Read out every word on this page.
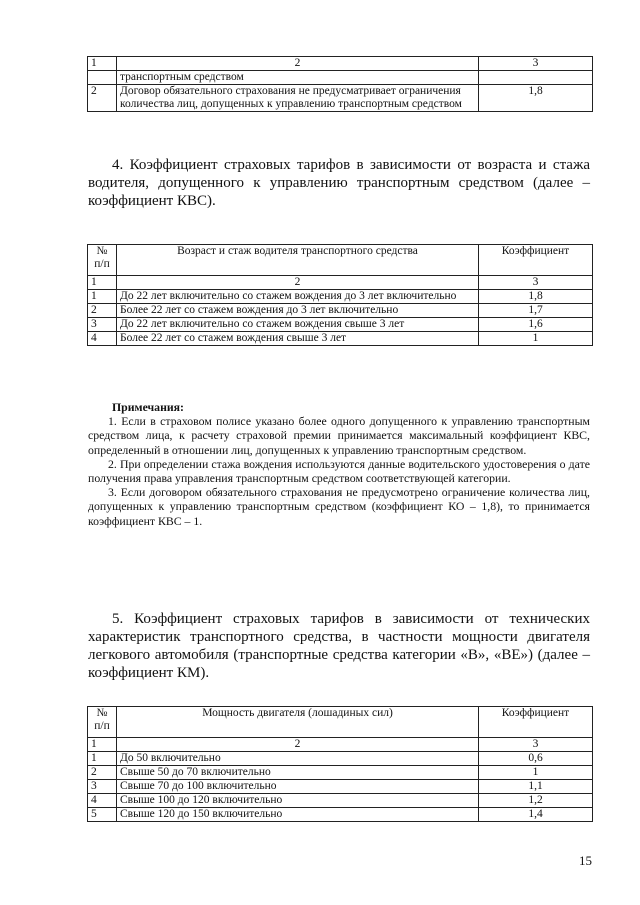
1	2	3
	транспортным средством	
2	Договор обязательного страхования не предусматривает ограничения количества лиц, допущенных к управлению транспортным средством	1,8
4. Коэффициент страховых тарифов в зависимости от возраста и стажа водителя, допущенного к управлению транспортным средством (далее – коэффициент КВС).
№ п/п	Возраст и стаж водителя транспортного средства	Коэффициент
1	2	3
1	До 22 лет включительно со стажем вождения до 3 лет включительно	1,8
2	Более 22 лет со стажем вождения до 3 лет включительно	1,7
3	До 22 лет включительно со стажем вождения свыше 3 лет	1,6
4	Более 22 лет со стажем вождения свыше 3 лет	1
Примечания:

1. Если в страховом полисе указано более одного допущенного к управлению транспортным средством лица, к расчету страховой премии принимается максимальный коэффициент КВС, определенный в отношении лиц, допущенных к управлению транспортным средством.

2. При определении стажа вождения используются данные водительского удостоверения о дате получения права управления транспортным средством соответствующей категории.

3. Если договором обязательного страхования не предусмотрено ограничение количества лиц, допущенных к управлению транспортным средством (коэффициент КО – 1,8), то принимается коэффициент КВС – 1.

5. Коэффициент страховых тарифов в зависимости от технических характеристик транспортного средства, в частности мощности двигателя легкового автомобиля (транспортные средства категории «В», «ВЕ») (далее – коэффициент КМ).
№ п/п	Мощность двигателя (лошадиных сил)	Коэффициент
1	2	3
1	До 50 включительно	0,6
2	Свыше 50 до 70 включительно	1
3	Свыше 70 до 100 включительно	1,1
4	Свыше 100 до 120 включительно	1,2
5	Свыше 120 до 150 включительно	1,4
15
